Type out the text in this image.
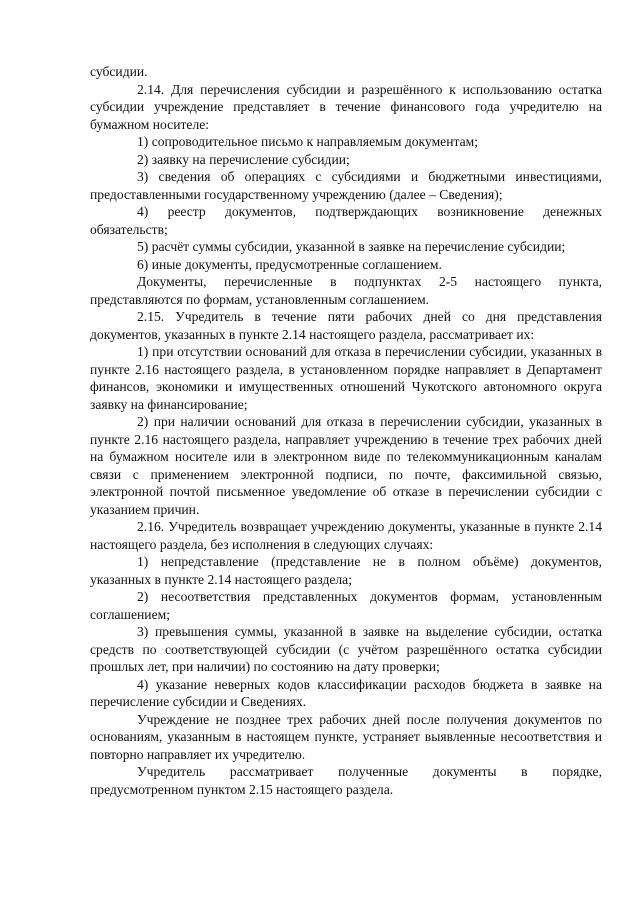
субсидии.

2.14. Для перечисления субсидии и разрешённого к использованию остатка субсидии учреждение представляет в течение финансового года учредителю на бумажном носителе:

1) сопроводительное письмо к направляемым документам;

2) заявку на перечисление субсидии;

3) сведения об операциях с субсидиями и бюджетными инвестициями, предоставленными государственному учреждению (далее – Сведения);

4) реестр документов, подтверждающих возникновение денежных обязательств;

5) расчёт суммы субсидии, указанной в заявке на перечисление субсидии;

6) иные документы, предусмотренные соглашением.

Документы, перечисленные в подпунктах 2-5 настоящего пункта, представляются по формам, установленным соглашением.

2.15. Учредитель в течение пяти рабочих дней со дня представления документов, указанных в пункте 2.14 настоящего раздела, рассматривает их:

1) при отсутствии оснований для отказа в перечислении субсидии, указанных в пункте 2.16 настоящего раздела, в установленном порядке направляет в Департамент финансов, экономики и имущественных отношений Чукотского автономного округа заявку на финансирование;

2) при наличии оснований для отказа в перечислении субсидии, указанных в пункте 2.16 настоящего раздела, направляет учреждению в течение трех рабочих дней на бумажном носителе или в электронном виде по телекоммуникационным каналам связи с применением электронной подписи, по почте, факсимильной связью, электронной почтой письменное уведомление об отказе в перечислении субсидии с указанием причин.

2.16. Учредитель возвращает учреждению документы, указанные в пункте 2.14 настоящего раздела, без исполнения в следующих случаях:

1) непредставление (представление не в полном объёме) документов, указанных в пункте 2.14 настоящего раздела;

2) несоответствия представленных документов формам, установленным соглашением;

3) превышения суммы, указанной в заявке на выделение субсидии, остатка средств по соответствующей субсидии (с учётом разрешённого остатка субсидии прошлых лет, при наличии) по состоянию на дату проверки;

4) указание неверных кодов классификации расходов бюджета в заявке на перечисление субсидии и Сведениях.

Учреждение не позднее трех рабочих дней после получения документов по основаниям, указанным в настоящем пункте, устраняет выявленные несоответствия и повторно направляет их учредителю.

Учредитель рассматривает полученные документы в порядке, предусмотренном пунктом 2.15 настоящего раздела.
